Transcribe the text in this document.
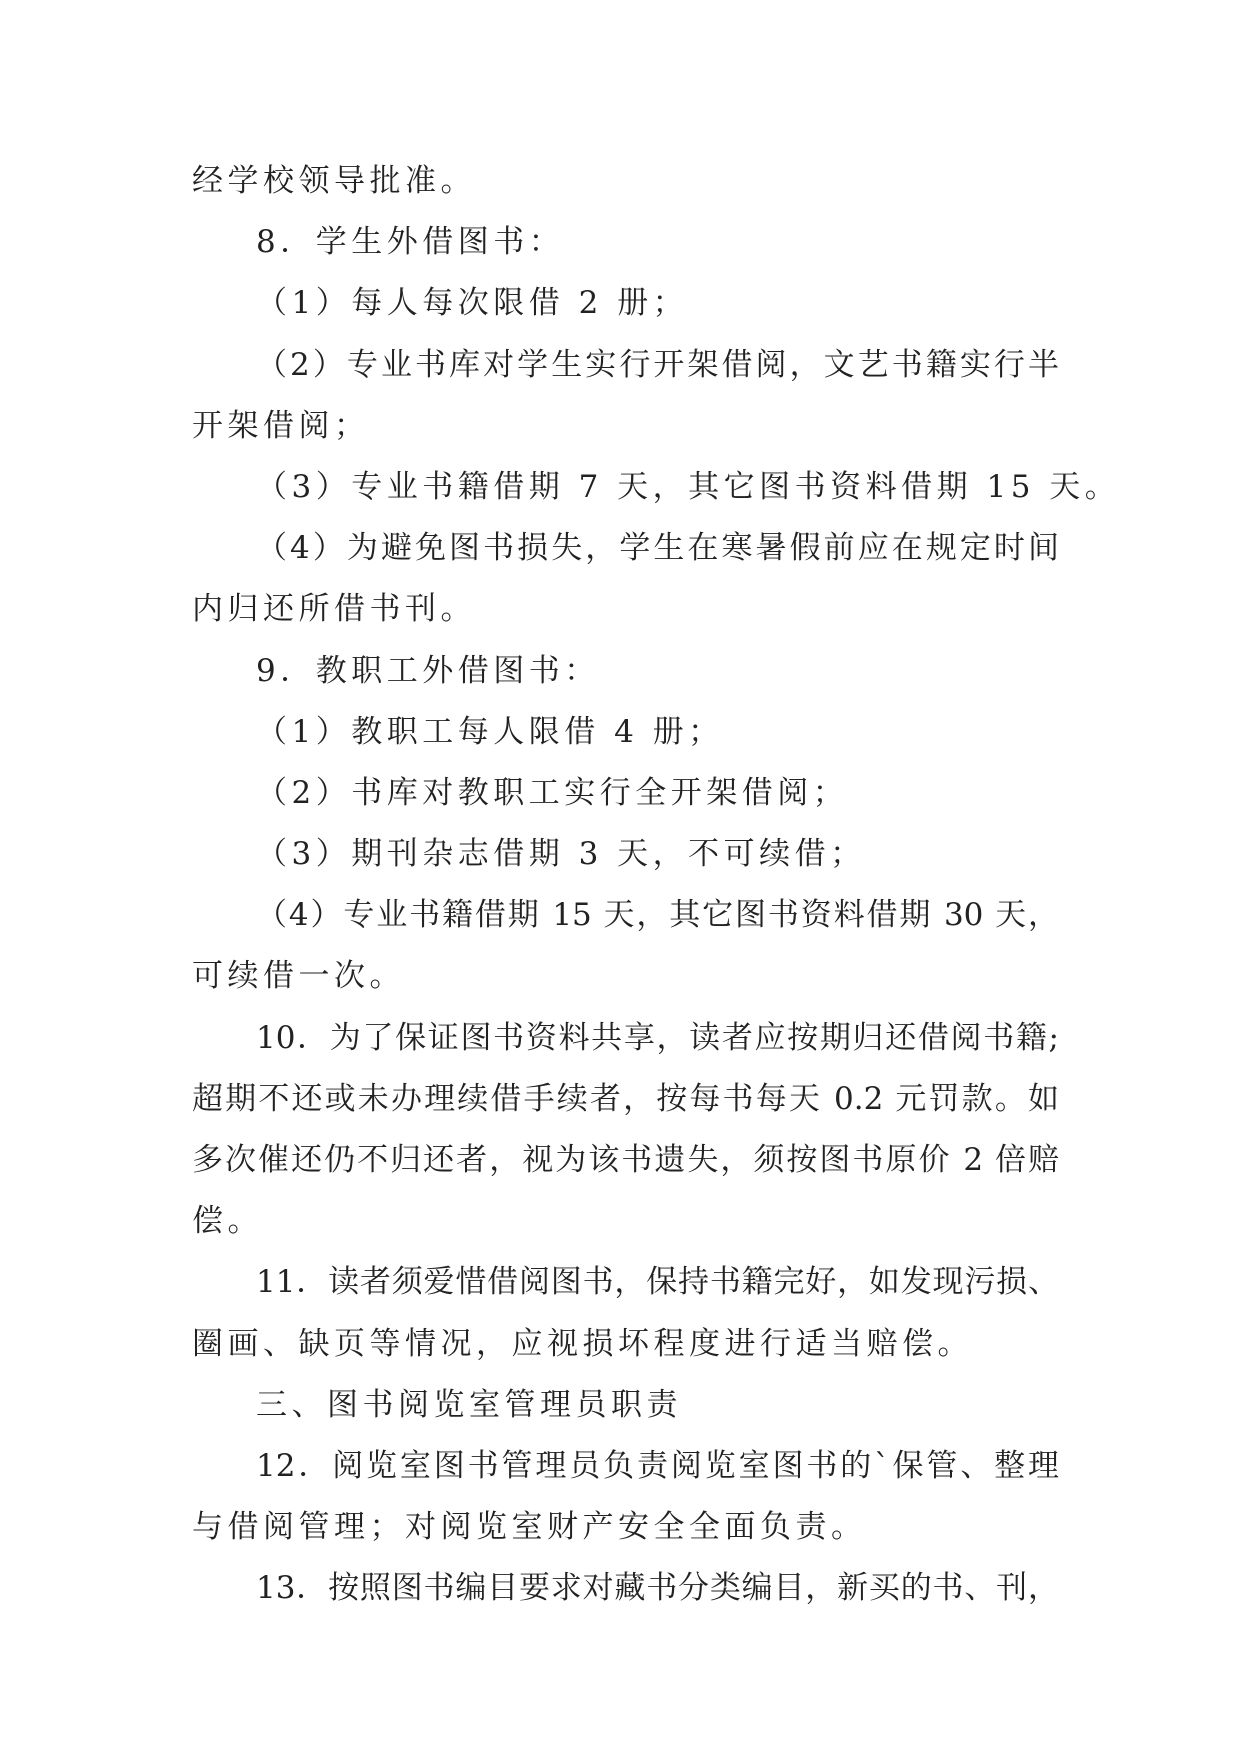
经学校领导批准。
8．学生外借图书：
（1）每人每次限借 2 册；
（2）专业书库对学生实行开架借阅，文艺书籍实行半
开架借阅；
（3）专业书籍借期 7 天，其它图书资料借期 15 天。
（4）为避免图书损失，学生在寒暑假前应在规定时间
内归还所借书刊。
9．教职工外借图书：
（1）教职工每人限借 4 册；
（2）书库对教职工实行全开架借阅；
（3）期刊杂志借期 3 天，不可续借；
（4）专业书籍借期 15 天，其它图书资料借期 30 天，
可续借一次。
10．为了保证图书资料共享，读者应按期归还借阅书籍;
超期不还或未办理续借手续者，按每书每天 0.2 元罚款。如
多次催还仍不归还者，视为该书遗失，须按图书原价 2 倍赔
偿。
11．读者须爱惜借阅图书，保持书籍完好，如发现污损、
圈画、缺页等情况，应视损坏程度进行适当赔偿。
三、图书阅览室管理员职责
12．阅览室图书管理员负责阅览室图书的`保管、整理
与借阅管理；对阅览室财产安全全面负责。
13．按照图书编目要求对藏书分类编目，新买的书、刊，
